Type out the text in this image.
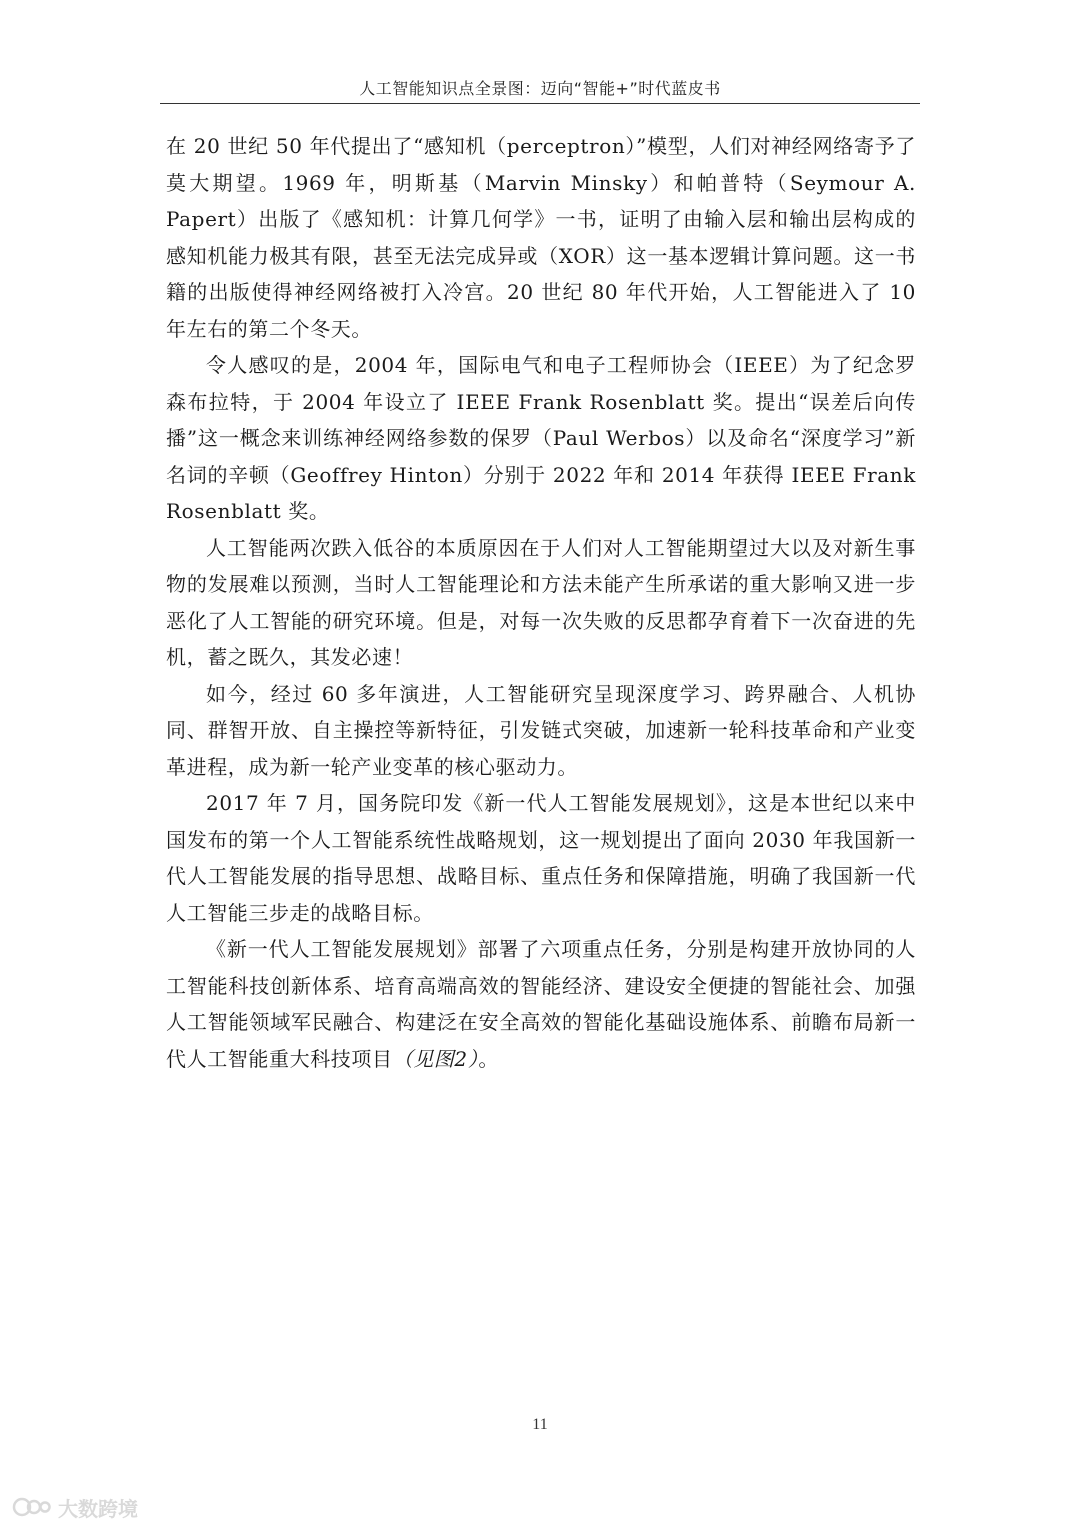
人工智能知识点全景图：迈向“智能+”时代蓝皮书

在 20 世纪 50 年代提出了“感知机（perceptron）”模型，人们对神经网络寄予了莫大期望。1969 年，明斯基（Marvin Minsky）和帕普特（Seymour A. Papert）出版了《感知机：计算几何学》一书，证明了由输入层和输出层构成的感知机能力极其有限，甚至无法完成异或（XOR）这一基本逻辑计算问题。这一书籍的出版使得神经网络被打入冷宫。20 世纪 80 年代开始，人工智能进入了 10 年左右的第二个冬天。

令人感叹的是，2004 年，国际电气和电子工程师协会（IEEE）为了纪念罗森布拉特，于 2004 年设立了 IEEE Frank Rosenblatt 奖。提出“误差后向传播”这一概念来训练神经网络参数的保罗（Paul Werbos）以及命名“深度学习”新名词的辛顿（Geoffrey Hinton）分别于 2022 年和 2014 年获得 IEEE Frank Rosenblatt 奖。

人工智能两次跌入低谷的本质原因在于人们对人工智能期望过大以及对新生事物的发展难以预测，当时人工智能理论和方法未能产生所承诺的重大影响又进一步恶化了人工智能的研究环境。但是，对每一次失败的反思都孕育着下一次奋进的先机，蓄之既久，其发必速！

如今，经过 60 多年演进，人工智能研究呈现深度学习、跨界融合、人机协同、群智开放、自主操控等新特征，引发链式突破，加速新一轮科技革命和产业变革进程，成为新一轮产业变革的核心驱动力。

2017 年 7 月，国务院印发《新一代人工智能发展规划》，这是本世纪以来中国发布的第一个人工智能系统性战略规划，这一规划提出了面向 2030 年我国新一代人工智能发展的指导思想、战略目标、重点任务和保障措施，明确了我国新一代人工智能三步走的战略目标。

《新一代人工智能发展规划》部署了六项重点任务，分别是构建开放协同的人工智能科技创新体系、培育高端高效的智能经济、建设安全便捷的智能社会、加强人工智能领域军民融合、构建泛在安全高效的智能化基础设施体系、前瞻布局新一代人工智能重大科技项目（见图2）。

11
大数跨境
